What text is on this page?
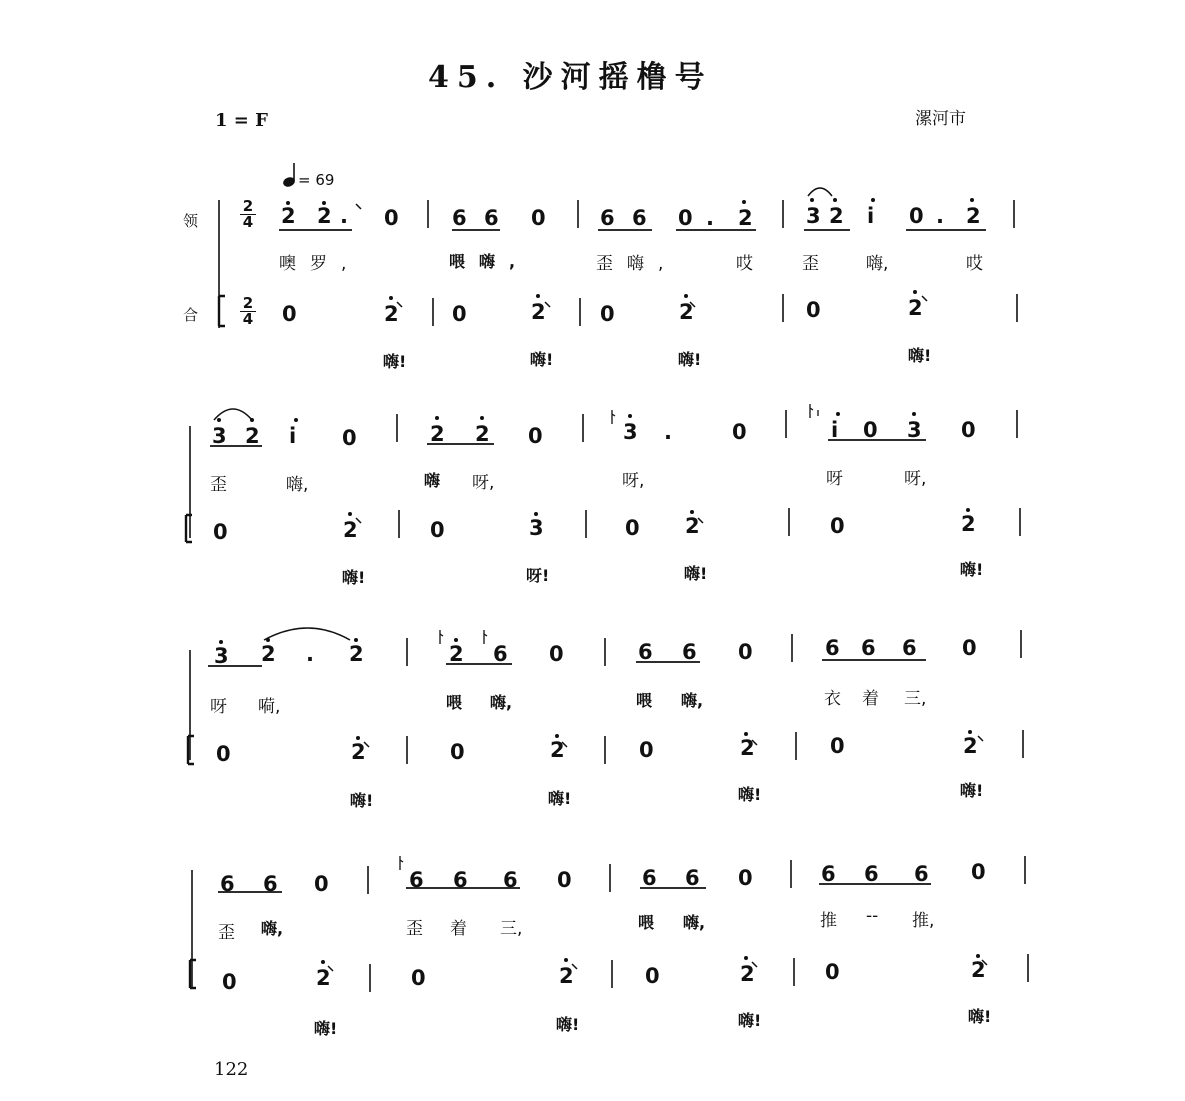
45. 沙河摇橹号
1 = F	漯河市
= 69
领
合
2
4
2
4
2 2 . 0	6 6 0	6 6 0 . 2	3 2 i 0 . 2
噢罗,	喂嗨,	歪嗨,	哎	歪	嗨,	哎
0	2	0	2	0	2	0	2
嗨!	嗨!	嗨!	嗨!
3 2 i 0	2 2 0	3 .	0	i 0 3 0
歪	嗨,	嗨 呀,	呀,	呀	呀,
0	2	0	3	0 2	0	2
嗨!	呀!	嗨!	嗨!
3 2 . 2	2 6 0	6 6 0	6 6 6 0
呀 嗬,	喂 嗨,	喂 嗨,	衣 着 三,
0	2	0	2	0	2	0	2
嗨!	嗨!	嗨!	嗨!
6 6 0	6 6 6 0	6 6 0	6 6 6 0
歪 嗨,	歪 着 三,	喂 嗨,	推 -- 推,
0	2	0	2	0	2	0	2
嗨!	嗨!	嗨!	嗨!
122
